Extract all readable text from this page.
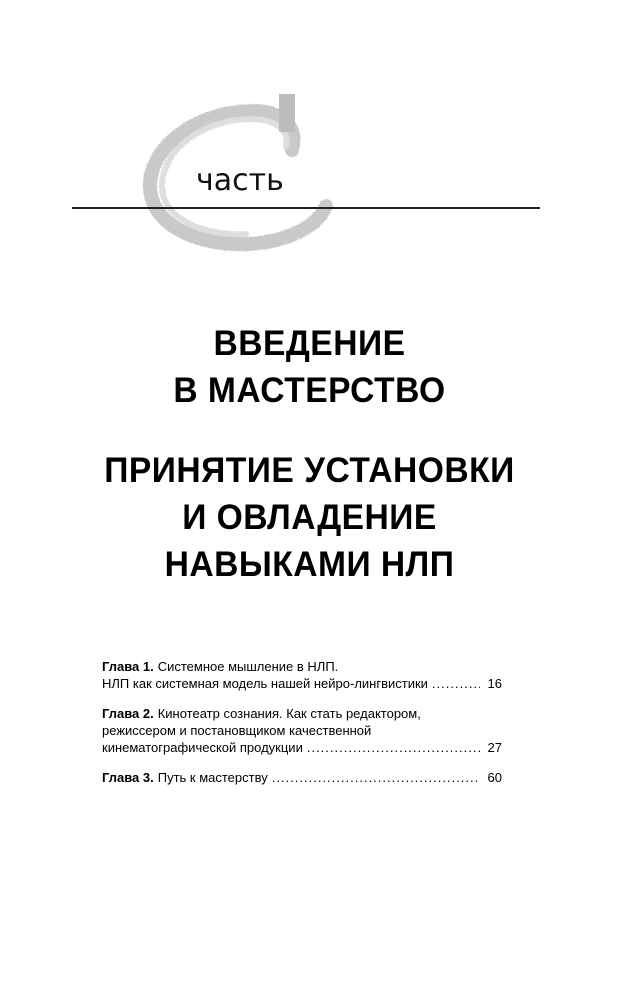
часть
ВВЕДЕНИЕ
В МАСТЕРСТВО
ПРИНЯТИЕ УСТАНОВКИ
И ОВЛАДЕНИЕ
НАВЫКАМИ НЛП
Глава 1. Системное мышление в НЛП.
НЛП как системная модель нашей нейро-лингвистики .....	16
Глава 2. Кинотеатр сознания. Как стать редактором,
режиссером и постановщиком качественной
кинематографической продукции .....	27
Глава 3. Путь к мастерству .....	60
